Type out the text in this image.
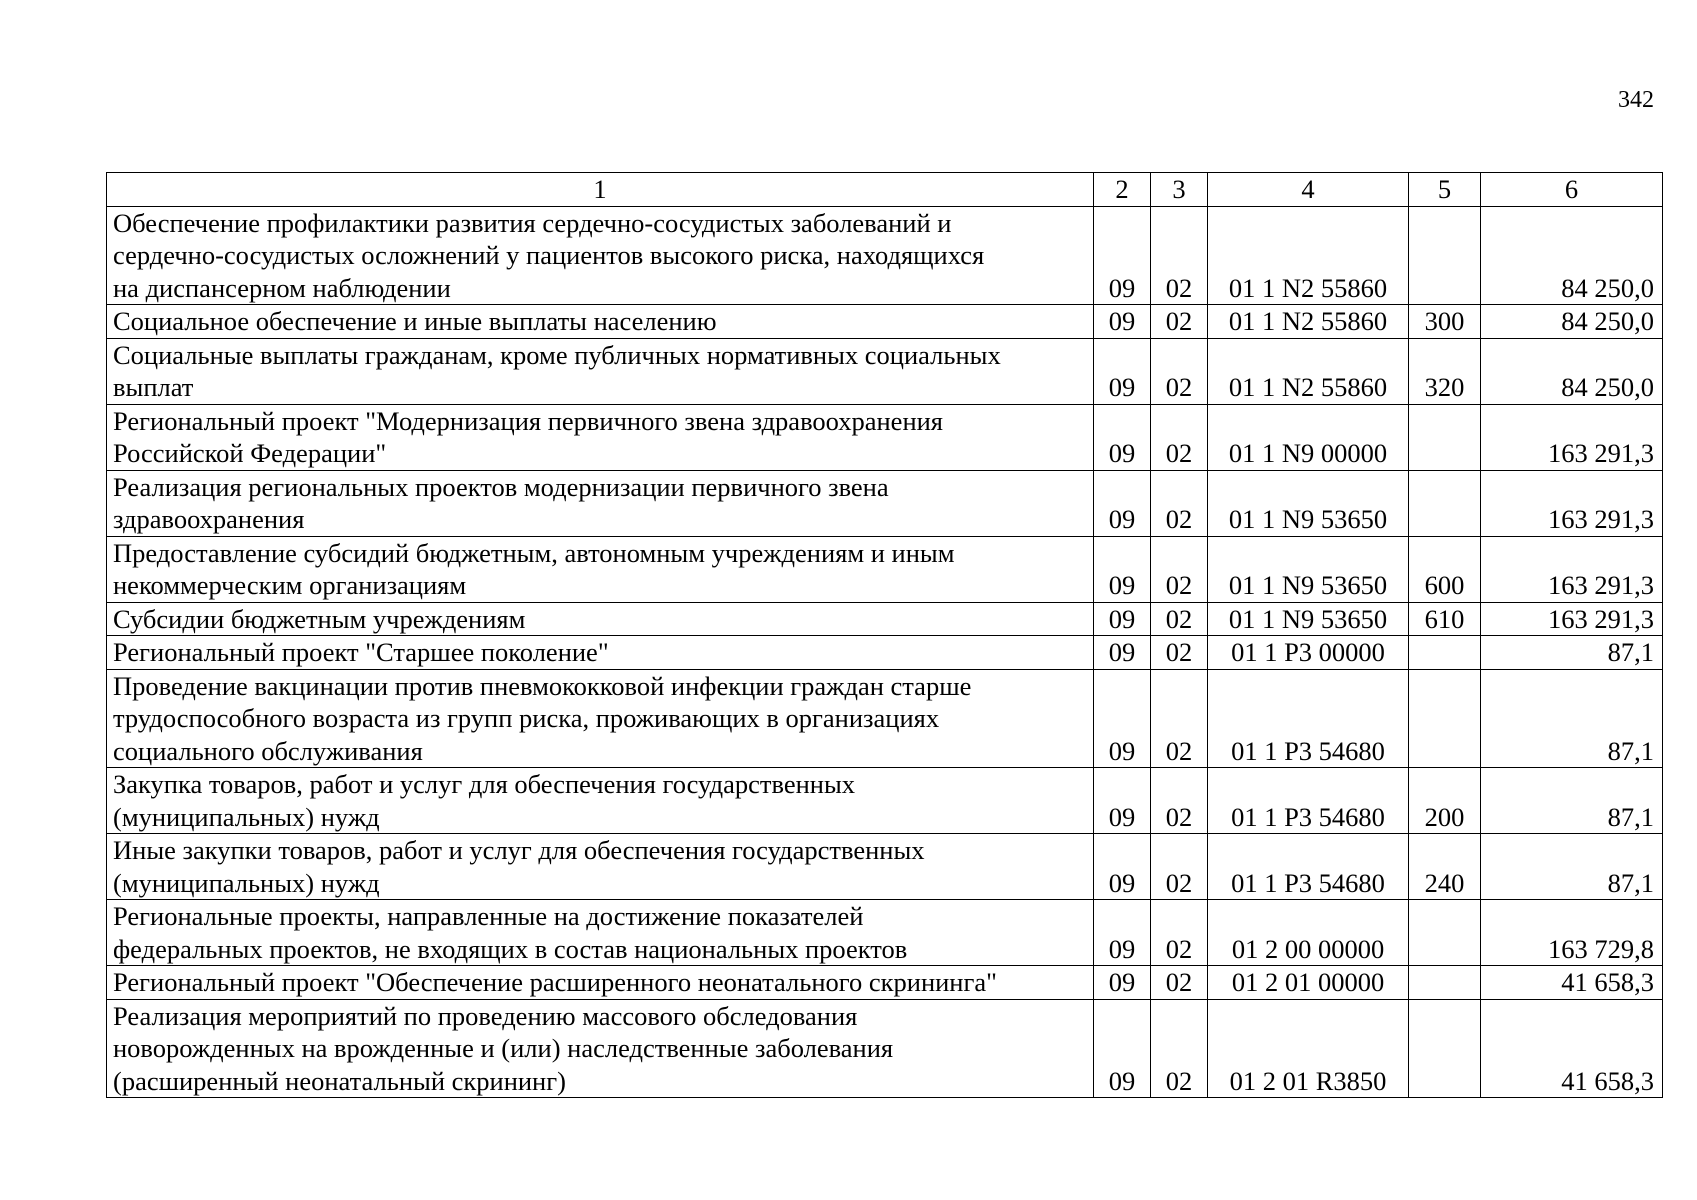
342
1	2	3	4	5	6

Обеспечение профилактики развития сердечно-сосудистых заболеваний и
сердечно-сосудистых осложнений у пациентов высокого риска, находящихся
на диспансерном наблюдении	09	02	01 1 N2 55860		84 250,0

Социальное обеспечение и иные выплаты населению	09	02	01 1 N2 55860	300	84 250,0

Социальные выплаты гражданам, кроме публичных нормативных социальных
выплат	09	02	01 1 N2 55860	320	84 250,0

Региональный проект "Модернизация первичного звена здравоохранения
Российской Федерации"	09	02	01 1 N9 00000		163 291,3

Реализация региональных проектов модернизации первичного звена
здравоохранения	09	02	01 1 N9 53650		163 291,3

Предоставление субсидий бюджетным, автономным учреждениям и иным
некоммерческим организациям	09	02	01 1 N9 53650	600	163 291,3

Субсидии бюджетным учреждениям	09	02	01 1 N9 53650	610	163 291,3

Региональный проект "Старшее поколение"	09	02	01 1 P3 00000		87,1

Проведение вакцинации против пневмококковой инфекции граждан старше
трудоспособного возраста из групп риска, проживающих в организациях
социального обслуживания	09	02	01 1 P3 54680		87,1

Закупка товаров, работ и услуг для обеспечения государственных
(муниципальных) нужд	09	02	01 1 P3 54680	200	87,1

Иные закупки товаров, работ и услуг для обеспечения государственных
(муниципальных) нужд	09	02	01 1 P3 54680	240	87,1

Региональные проекты, направленные на достижение показателей
федеральных проектов, не входящих в состав национальных проектов	09	02	01 2 00 00000		163 729,8

Региональный проект "Обеспечение расширенного неонатального скрининга"	09	02	01 2 01 00000		41 658,3

Реализация мероприятий по проведению массового обследования
новорожденных на врожденные и (или) наследственные заболевания
(расширенный неонатальный скрининг)	09	02	01 2 01 R3850		41 658,3
